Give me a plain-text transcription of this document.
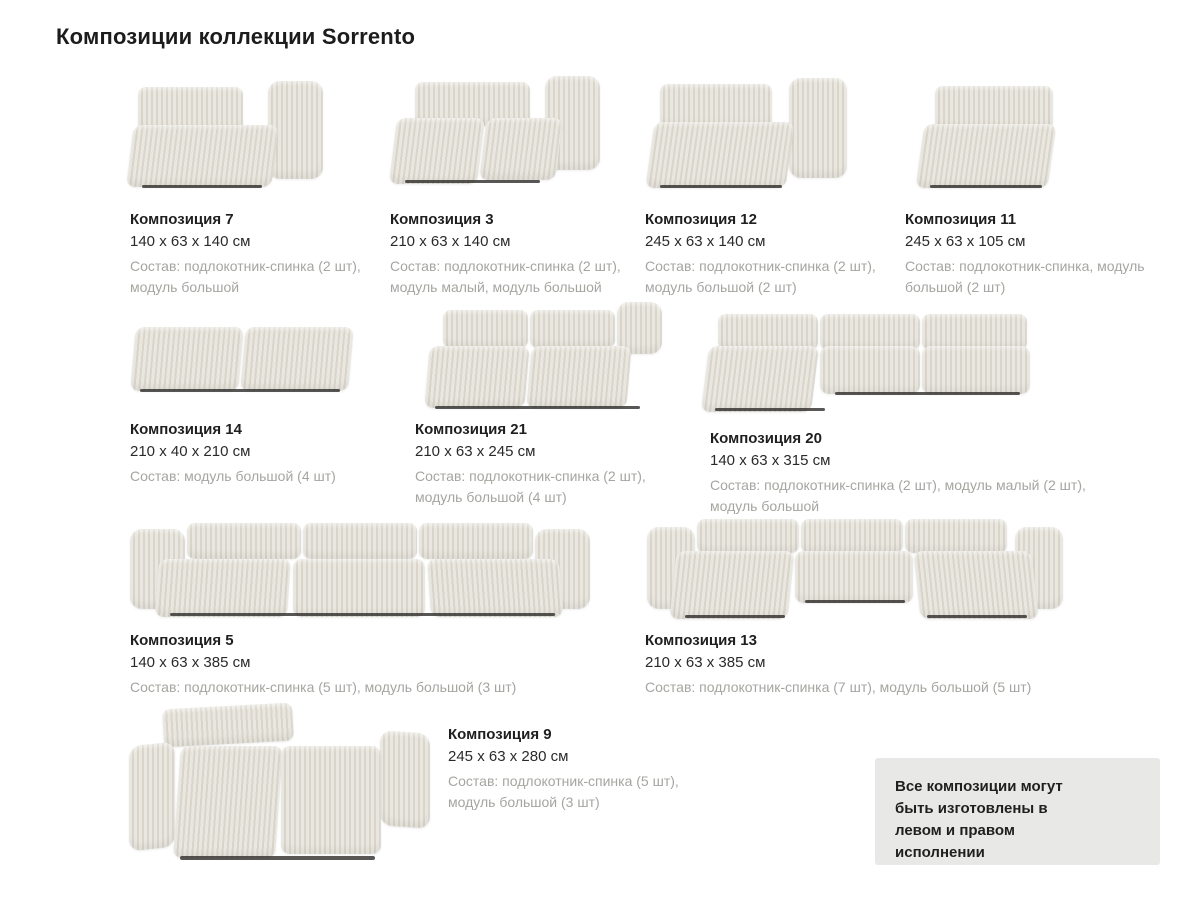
Композиции коллекции Sorrento

Композиция 7

140 x 63 x 140 см

Состав: подлокотник-спинка (2 шт), модуль большой

Композиция 3

210 x 63 x 140 см

Состав: подлокотник-спинка (2 шт), модуль малый, модуль большой

Композиция 12

245 x 63 x 140 см

Состав: подлокотник-спинка (2 шт), модуль большой (2 шт)

Композиция 11

245 x 63 x 105 см

Состав: подлокотник-спинка, модуль большой (2 шт)

Композиция 14

210 x 40 x 210 см

Состав: модуль большой (4 шт)

Композиция 21

210 x 63 x 245 см

Состав: подлокотник-спинка (2 шт), модуль большой (4 шт)

Композиция 20

140 x 63 x 315 см

Состав: подлокотник-спинка (2 шт), модуль малый (2 шт), модуль большой

Композиция 5

140 x 63 x 385 см

Состав: подлокотник-спинка (5 шт), модуль большой (3 шт)

Композиция 13

210 x 63 x 385 см

Состав: подлокотник-спинка (7 шт), модуль большой (5 шт)

Композиция 9

245 x 63 x 280 см

Состав: подлокотник-спинка (5 шт), модуль большой (3 шт)

Все композиции могут быть изготовлены в левом и правом исполнении
